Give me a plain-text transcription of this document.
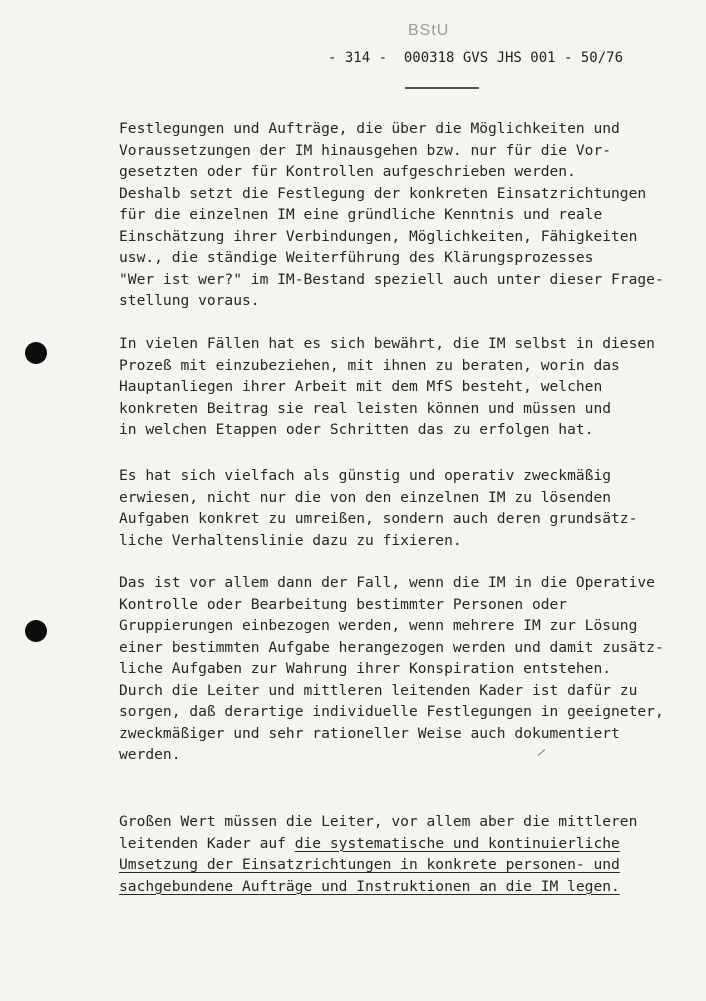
BStU
- 314 -  000318 GVS JHS 001 - 50/76

Festlegungen und Aufträge, die über die Möglichkeiten und
Voraussetzungen der IM hinausgehen bzw. nur für die Vor-
gesetzten oder für Kontrollen aufgeschrieben werden.
Deshalb setzt die Festlegung der konkreten Einsatzrichtungen
für die einzelnen IM eine gründliche Kenntnis und reale
Einschätzung ihrer Verbindungen, Möglichkeiten, Fähigkeiten
usw., die ständige Weiterführung des Klärungsprozesses
"Wer ist wer?" im IM-Bestand speziell auch unter dieser Frage-
stellung voraus.

In vielen Fällen hat es sich bewährt, die IM selbst in diesen
Prozeß mit einzubeziehen, mit ihnen zu beraten, worin das
Hauptanliegen ihrer Arbeit mit dem MfS besteht, welchen
konkreten Beitrag sie real leisten können und müssen und
in welchen Etappen oder Schritten das zu erfolgen hat.

Es hat sich vielfach als günstig und operativ zweckmäßig
erwiesen, nicht nur die von den einzelnen IM zu lösenden
Aufgaben konkret zu umreißen, sondern auch deren grundsätz-
liche Verhaltenslinie dazu zu fixieren.

Das ist vor allem dann der Fall, wenn die IM in die Operative
Kontrolle oder Bearbeitung bestimmter Personen oder
Gruppierungen einbezogen werden, wenn mehrere IM zur Lösung
einer bestimmten Aufgabe herangezogen werden und damit zusätz-
liche Aufgaben zur Wahrung ihrer Konspiration entstehen.
Durch die Leiter und mittleren leitenden Kader ist dafür zu
sorgen, daß derartige individuelle Festlegungen in geeigneter,
zweckmäßiger und sehr rationeller Weise auch dokumentiert
werden.

Großen Wert müssen die Leiter, vor allem aber die mittleren
leitenden Kader auf die systematische und kontinuierliche
Umsetzung der Einsatzrichtungen in konkrete personen- und
sachgebundene Aufträge und Instruktionen an die IM legen.
